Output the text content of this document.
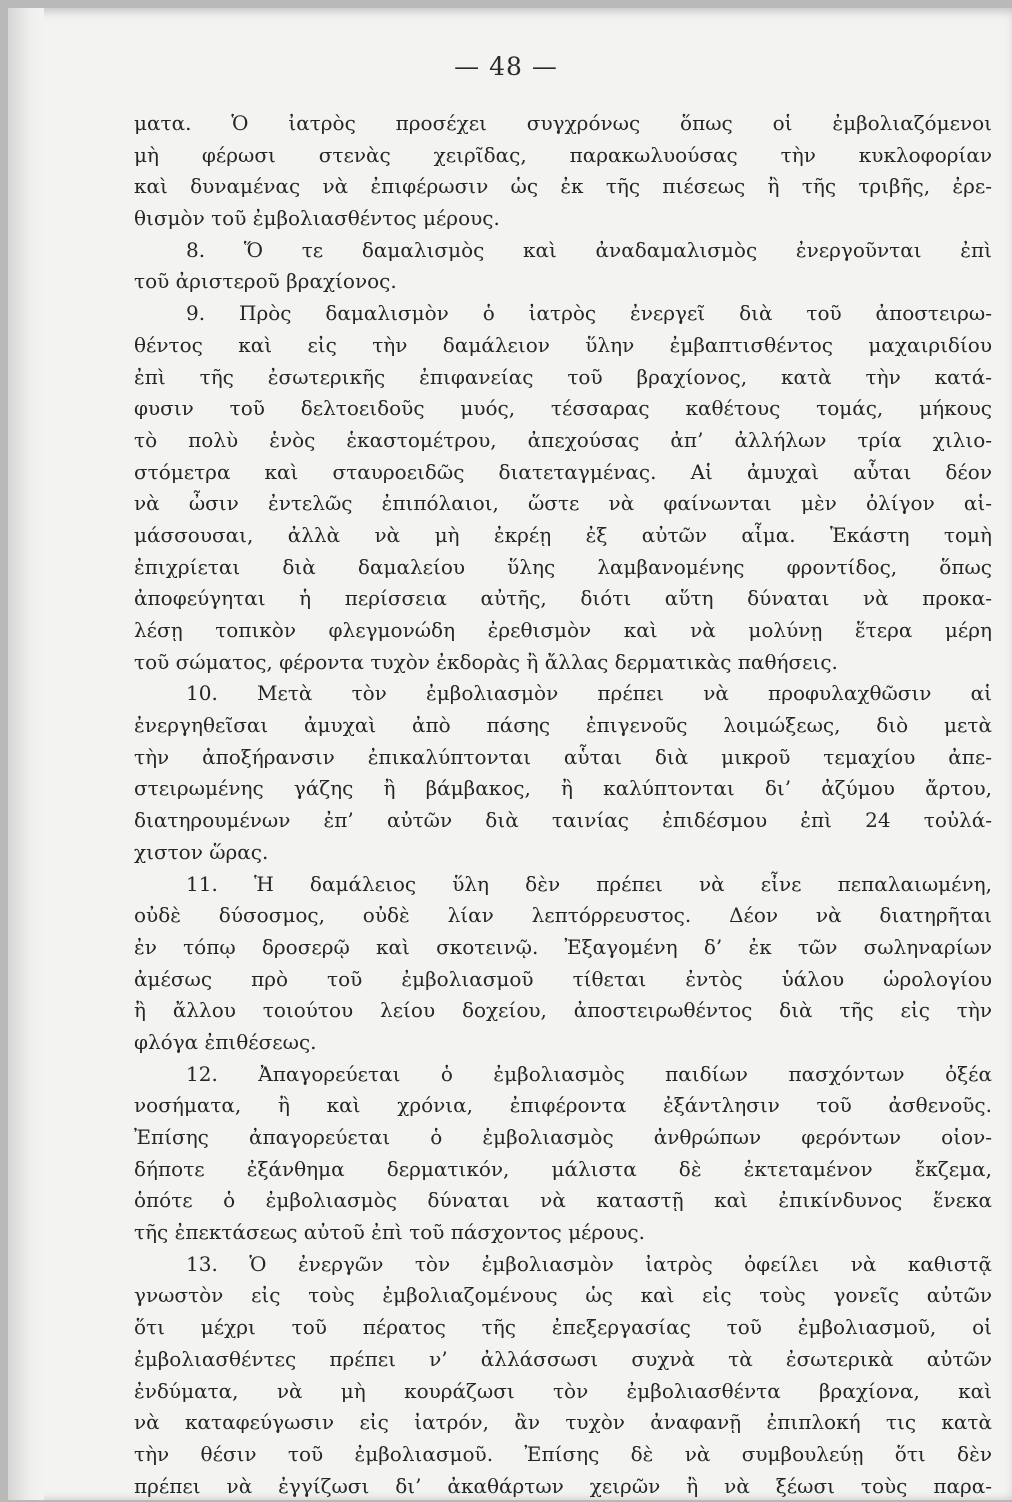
— 48 —
ματα. Ὁ ἰατρὸς προσέχει συγχρόνως ὅπως οἱ ἐμβολιαζόμενοι
μὴ φέρωσι στενὰς χειρῖδας, παρακωλυούσας τὴν κυκλοφορίαν
καὶ δυναμένας νὰ ἐπιφέρωσιν ὡς ἐκ τῆς πιέσεως ἢ τῆς τριβῆς, ἐρε-
θισμὸν τοῦ ἐμβολιασθέντος μέρους.
8. Ὅ τε δαμαλισμὸς καὶ ἀναδαμαλισμὸς ἐνεργοῦνται ἐπὶ
τοῦ ἀριστεροῦ βραχίονος.
9. Πρὸς δαμαλισμὸν ὁ ἰατρὸς ἐνεργεῖ διὰ τοῦ ἀποστειρω-
θέντος καὶ εἰς τὴν δαμάλειον ὕλην ἐμβαπτισθέντος μαχαιριδίου
ἐπὶ τῆς ἐσωτερικῆς ἐπιφανείας τοῦ βραχίονος, κατὰ τὴν κατά-
φυσιν τοῦ δελτοειδοῦς μυός, τέσσαρας καθέτους τομάς, μήκους
τὸ πολὺ ἑνὸς ἑκαστομέτρου, ἀπεχούσας ἀπ’ ἀλλήλων τρία χιλιο-
στόμετρα καὶ σταυροειδῶς διατεταγμένας. Αἱ ἀμυχαὶ αὗται δέον
νὰ ὦσιν ἐντελῶς ἐπιπόλαιοι, ὥστε νὰ φαίνωνται μὲν ὀλίγον αἱ-
μάσσουσαι, ἀλλὰ νὰ μὴ ἐκρέῃ ἐξ αὐτῶν αἷμα. Ἑκάστη τομὴ
ἐπιχρίεται διὰ δαμαλείου ὕλης λαμβανομένης φροντίδος, ὅπως
ἀποφεύγηται ἡ περίσσεια αὐτῆς, διότι αὕτη δύναται νὰ προκα-
λέσῃ τοπικὸν φλεγμονώδη ἐρεθισμὸν καὶ νὰ μολύνῃ ἕτερα μέρη
τοῦ σώματος, φέροντα τυχὸν ἐκδορὰς ἢ ἄλλας δερματικὰς παθήσεις.
10. Μετὰ τὸν ἐμβολιασμὸν πρέπει νὰ προφυλαχθῶσιν αἱ
ἐνεργηθεῖσαι ἀμυχαὶ ἀπὸ πάσης ἐπιγενοῦς λοιμώξεως, διὸ μετὰ
τὴν ἀποξήρανσιν ἐπικαλύπτονται αὗται διὰ μικροῦ τεμαχίου ἀπε-
στειρωμένης γάζης ἢ βάμβακος, ἢ καλύπτονται δι’ ἀζύμου ἄρτου,
διατηρουμένων ἐπ’ αὐτῶν διὰ ταινίας ἐπιδέσμου ἐπὶ 24 τοὐλά-
χιστον ὥρας.
11. Ἡ δαμάλειος ὕλη δὲν πρέπει νὰ εἶνε πεπαλαιωμένη,
οὐδὲ δύσοσμος, οὐδὲ λίαν λεπτόρρευστος. Δέον νὰ διατηρῆται
ἐν τόπῳ δροσερῷ καὶ σκοτεινῷ. Ἐξαγομένη δ’ ἐκ τῶν σωληναρίων
ἀμέσως πρὸ τοῦ ἐμβολιασμοῦ τίθεται ἐντὸς ὑάλου ὡρολογίου
ἢ ἄλλου τοιούτου λείου δοχείου, ἀποστειρωθέντος διὰ τῆς εἰς τὴν
φλόγα ἐπιθέσεως.
12. Ἀπαγορεύεται ὁ ἐμβολιασμὸς παιδίων πασχόντων ὀξέα
νοσήματα, ἢ καὶ χρόνια, ἐπιφέροντα ἐξάντλησιν τοῦ ἀσθενοῦς.
Ἐπίσης ἀπαγορεύεται ὁ ἐμβολιασμὸς ἀνθρώπων φερόντων οἱον-
δήποτε ἐξάνθημα δερματικόν, μάλιστα δὲ ἐκτεταμένον ἔκζεμα,
ὁπότε ὁ ἐμβολιασμὸς δύναται νὰ καταστῇ καὶ ἐπικίνδυνος ἕνεκα
τῆς ἐπεκτάσεως αὐτοῦ ἐπὶ τοῦ πάσχοντος μέρους.
13. Ὁ ἐνεργῶν τὸν ἐμβολιασμὸν ἰατρὸς ὀφείλει νὰ καθιστᾷ
γνωστὸν εἰς τοὺς ἐμβολιαζομένους ὡς καὶ εἰς τοὺς γονεῖς αὐτῶν
ὅτι μέχρι τοῦ πέρατος τῆς ἐπεξεργασίας τοῦ ἐμβολιασμοῦ, οἱ
ἐμβολιασθέντες πρέπει ν’ ἀλλάσσωσι συχνὰ τὰ ἐσωτερικὰ αὐτῶν
ἐνδύματα, νὰ μὴ κουράζωσι τὸν ἐμβολιασθέντα βραχίονα, καὶ
νὰ καταφεύγωσιν εἰς ἰατρόν, ἂν τυχὸν ἀναφανῇ ἐπιπλοκή τις κατὰ
τὴν θέσιν τοῦ ἐμβολιασμοῦ. Ἐπίσης δὲ νὰ συμβουλεύῃ ὅτι δὲν
πρέπει νὰ ἐγγίζωσι δι’ ἀκαθάρτων χειρῶν ἢ νὰ ξέωσι τοὺς παρα-
